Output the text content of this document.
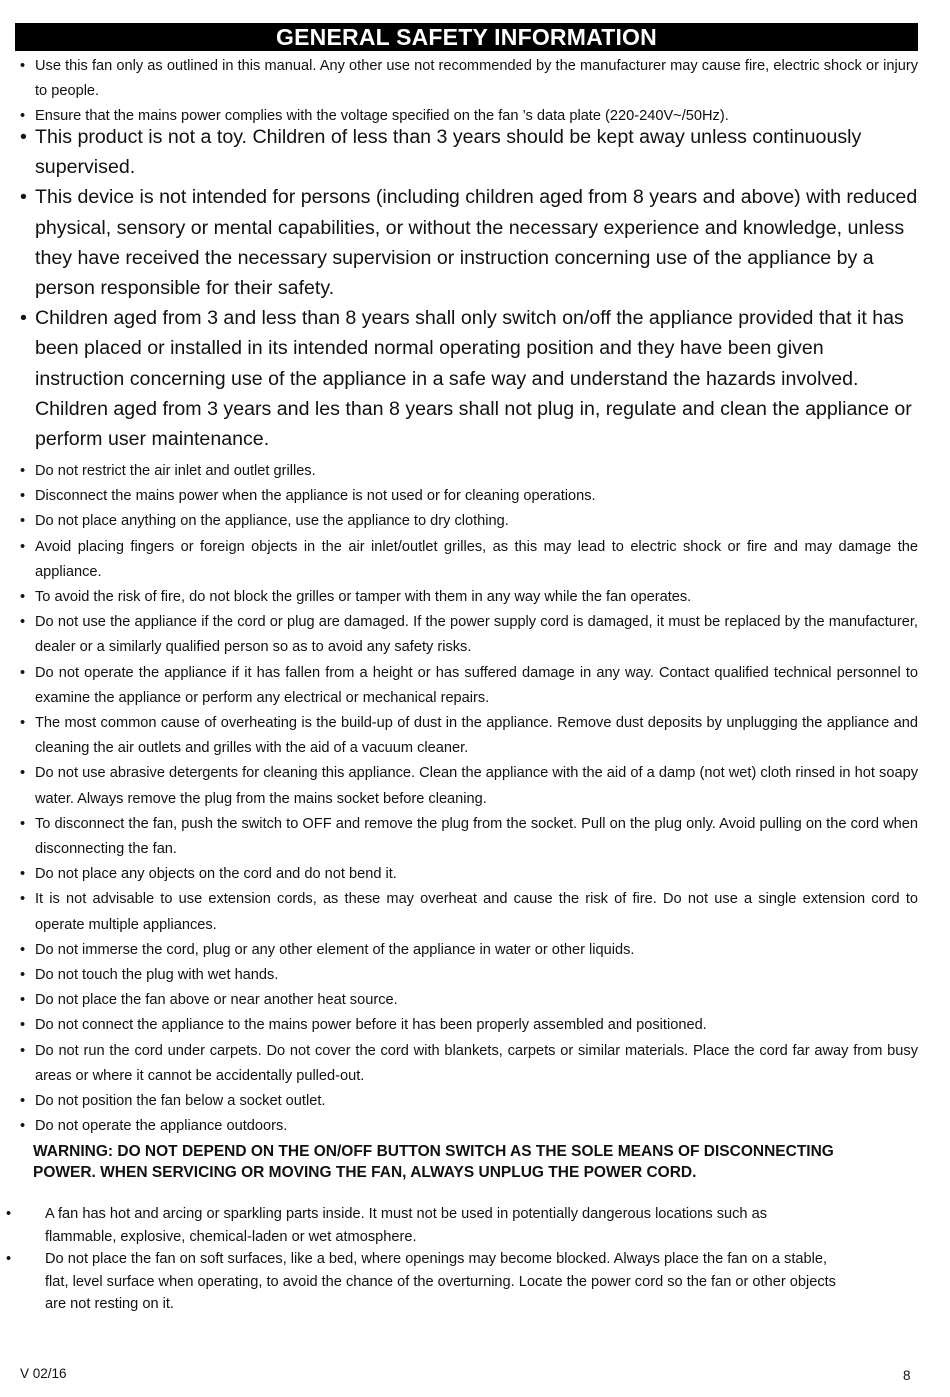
GENERAL SAFETY INFORMATION
• Use this fan only as outlined in this manual. Any other use not recommended by the manufacturer may cause fire, electric shock or injury to people.
• Ensure that the mains power complies with the voltage specified on the fan ’s data plate (220-240V~/50Hz).
• This product is not a toy. Children of less than 3 years should be kept away unless continuously supervised.
• This device is not intended for persons (including children aged from 8 years and above) with reduced physical, sensory or mental capabilities, or without the necessary experience and knowledge, unless they have received the necessary supervision or instruction concerning use of the appliance by a person responsible for their safety.
• Children aged from 3 and less than 8 years shall only switch on/off the appliance provided that it has been placed or installed in its intended normal operating position and they have been given instruction concerning use of the appliance in a safe way and understand the hazards involved. Children aged from 3 years and les than 8 years shall not plug in, regulate and clean the appliance or perform user maintenance.
• Do not restrict the air inlet and outlet grilles.
• Disconnect the mains power when the appliance is not used or for cleaning operations.
• Do not place anything on the appliance, use the appliance to dry clothing.
• Avoid placing fingers or foreign objects in the air inlet/outlet grilles, as this may lead to electric shock or fire and may damage the appliance.
• To avoid the risk of fire, do not block the grilles or tamper with them in any way while the fan operates.
• Do not use the appliance if the cord or plug are damaged. If the power supply cord is damaged, it must be replaced by the manufacturer, dealer or a similarly qualified person so as to avoid any safety risks.
• Do not operate the appliance if it has fallen from a height or has suffered damage in any way. Contact qualified technical personnel to examine the appliance or perform any electrical or mechanical repairs.
• The most common cause of overheating is the build-up of dust in the appliance. Remove dust deposits by unplugging the appliance and cleaning the air outlets and grilles with the aid of a vacuum cleaner.
• Do not use abrasive detergents for cleaning this appliance. Clean the appliance with the aid of a damp (not wet) cloth rinsed in hot soapy water. Always remove the plug from the mains socket before cleaning.
• To disconnect the fan, push the switch to OFF and remove the plug from the socket. Pull on the plug only. Avoid pulling on the cord when disconnecting the fan.
• Do not place any objects on the cord and do not bend it.
• It is not advisable to use extension cords, as these may overheat and cause the risk of fire. Do not use a single extension cord to operate multiple appliances.
• Do not immerse the cord, plug or any other element of the appliance in water or other liquids.
• Do not touch the plug with wet hands.
• Do not place the fan above or near another heat source.
• Do not connect the appliance to the mains power before it has been properly assembled and positioned.
• Do not run the cord under carpets. Do not cover the cord with blankets, carpets or similar materials. Place the cord far away from busy areas or where it cannot be accidentally pulled-out.
• Do not position the fan below a socket outlet.
• Do not operate the appliance outdoors.
WARNING: DO NOT DEPEND ON THE ON/OFF BUTTON SWITCH AS THE SOLE MEANS OF DISCONNECTING POWER. WHEN SERVICING OR MOVING THE FAN, ALWAYS UNPLUG THE POWER CORD.
• A fan has hot and arcing or sparkling parts inside. It must not be used in potentially dangerous locations such as flammable, explosive, chemical-laden or wet atmosphere.
• Do not place the fan on soft surfaces, like a bed, where openings may become blocked. Always place the fan on a stable, flat, level surface when operating, to avoid the chance of the overturning. Locate the power cord so the fan or other objects are not resting on it.
V 02/16	8
